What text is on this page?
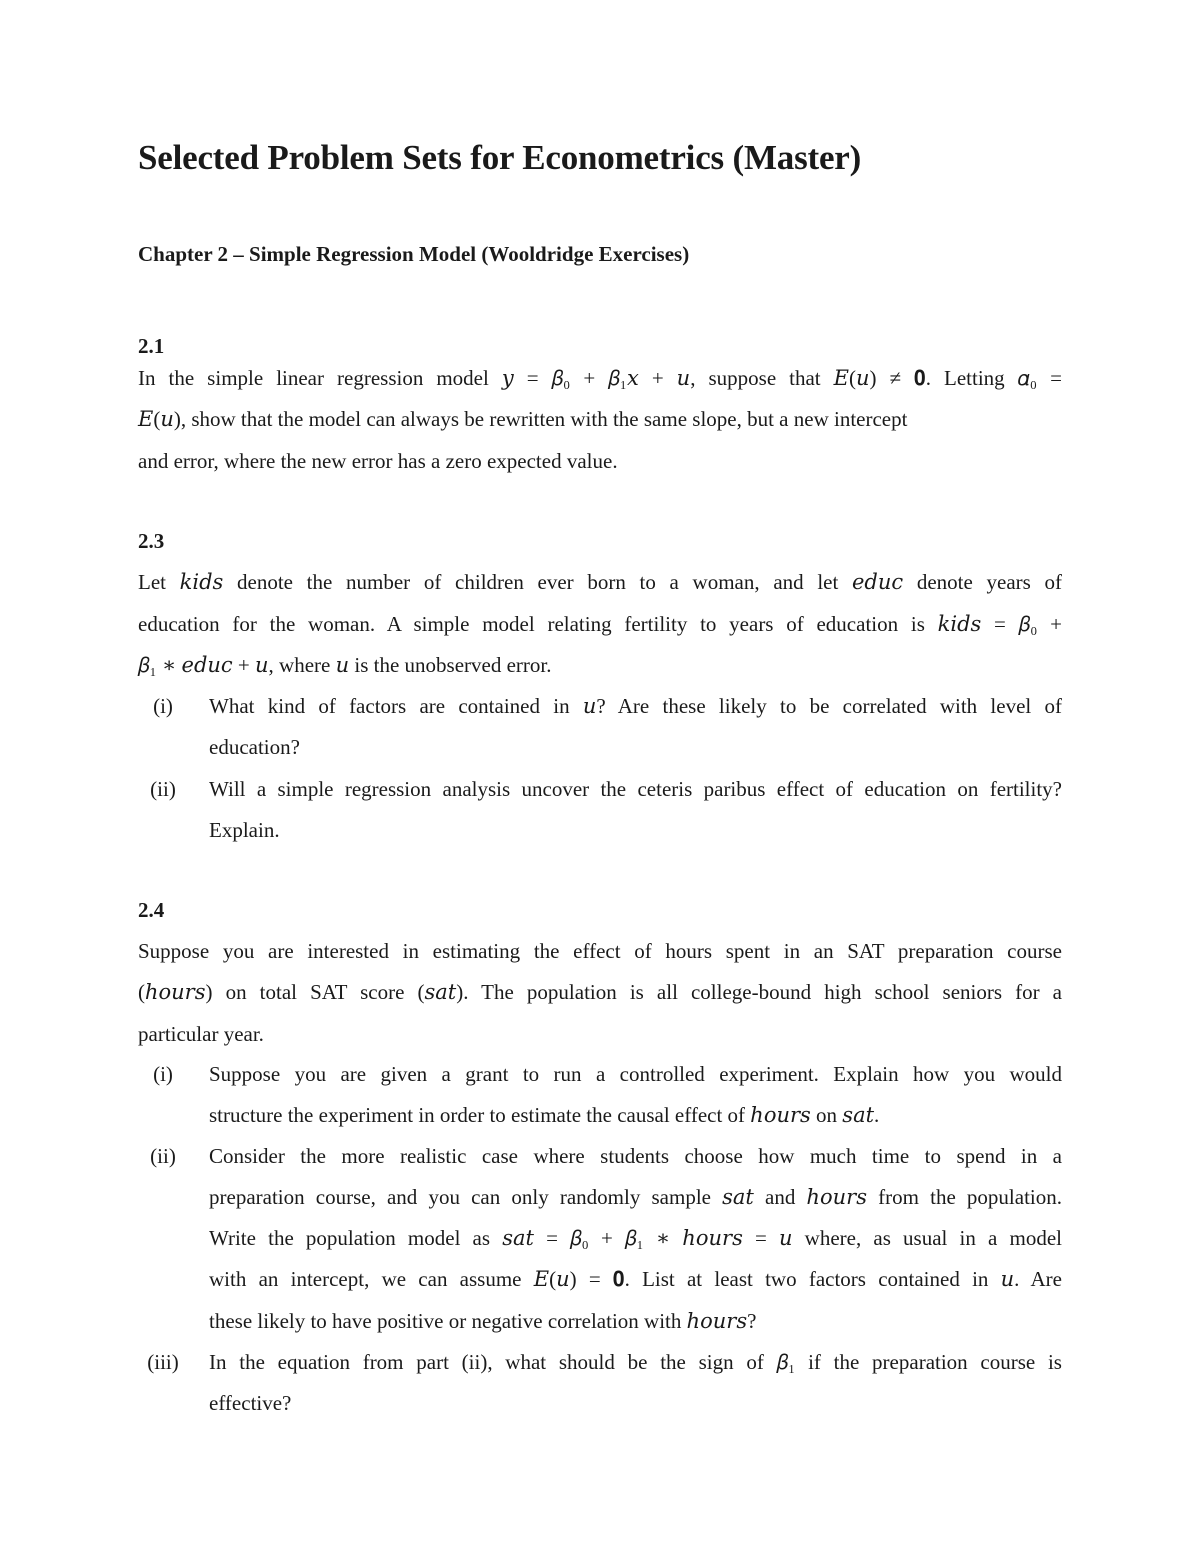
Selected Problem Sets for Econometrics (Master)
Chapter 2 – Simple Regression Model (Wooldridge Exercises)
2.1
In the simple linear regression model 𝑦 = 𝛽₀ + 𝛽₁𝑥 + 𝑢, suppose that 𝐸(𝑢) ≠ 𝟎. Letting 𝛼₀ =
𝐸(𝑢), show that the model can always be rewritten with the same slope, but a new intercept
and error, where the new error has a zero expected value.
2.3
Let 𝑘𝑖𝑑𝑠 denote the number of children ever born to a woman, and let 𝑒𝑑𝑢𝑐 denote years of
education for the woman. A simple model relating fertility to years of education is 𝑘𝑖𝑑𝑠 = 𝛽₀ +
𝛽₁ ∗ 𝑒𝑑𝑢𝑐 + 𝑢, where 𝑢 is the unobserved error.
(i)	What kind of factors are contained in 𝑢? Are these likely to be correlated with level of
education?
(ii)	Will a simple regression analysis uncover the ceteris paribus effect of education on fertility?
Explain.
2.4
Suppose you are interested in estimating the effect of hours spent in an SAT preparation course
(ℎ𝑜𝑢𝑟𝑠) on total SAT score (𝑠𝑎𝑡). The population is all college-bound high school seniors for a
particular year.
(i)	Suppose you are given a grant to run a controlled experiment. Explain how you would
structure the experiment in order to estimate the causal effect of ℎ𝑜𝑢𝑟𝑠 on 𝑠𝑎𝑡.
(ii)	Consider the more realistic case where students choose how much time to spend in a
preparation course, and you can only randomly sample 𝑠𝑎𝑡 and ℎ𝑜𝑢𝑟𝑠 from the population.
Write the population model as 𝑠𝑎𝑡 = 𝛽₀ + 𝛽₁ ∗ ℎ𝑜𝑢𝑟𝑠 = 𝑢 where, as usual in a model
with an intercept, we can assume 𝐸(𝑢) = 𝟎. List at least two factors contained in 𝑢. Are
these likely to have positive or negative correlation with ℎ𝑜𝑢𝑟𝑠?
(iii)	In the equation from part (ii), what should be the sign of 𝛽₁ if the preparation course is
effective?
